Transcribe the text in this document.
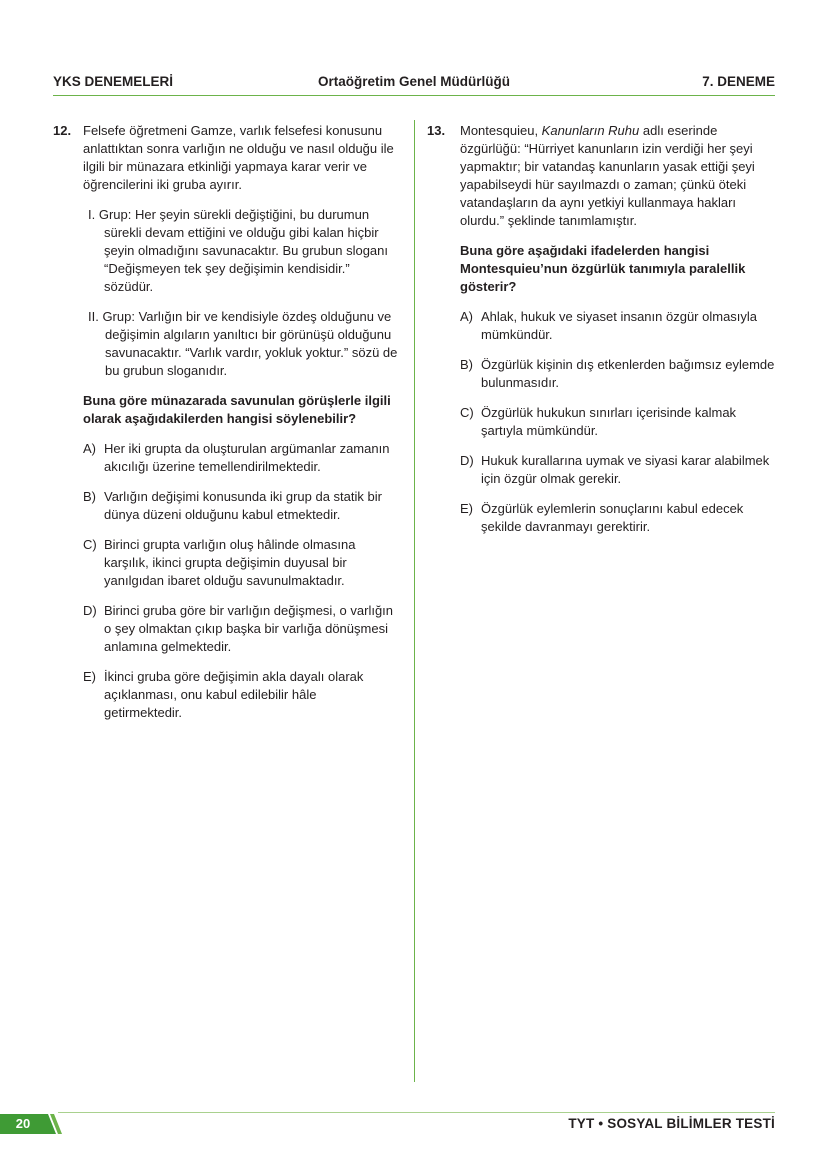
YKS DENEMELERİ	Ortaöğretim Genel Müdürlüğü	7. DENEME
12. Felsefe öğretmeni Gamze, varlık felsefesi konusunu anlattıktan sonra varlığın ne olduğu ve nasıl olduğu ile ilgili bir münazara etkinliği yapmaya karar verir ve öğrencilerini iki gruba ayırır.

I. Grup: Her şeyin sürekli değiştiğini, bu durumun sürekli devam ettiğini ve olduğu gibi kalan hiçbir şeyin olmadığını savunacaktır. Bu grubun sloganı “Değişmeyen tek şey değişimin kendisidir.” sözüdür.
II. Grup: Varlığın bir ve kendisiyle özdeş olduğunu ve değişimin algıların yanıltıcı bir görünüşü olduğunu savunacaktır. “Varlık vardır, yokluk yoktur.” sözü de bu grubun sloganıdır.

Buna göre münazarada savunulan görüşlerle ilgili olarak aşağıdakilerden hangisi söylenebilir?

A) Her iki grupta da oluşturulan argümanlar zamanın akıcılığı üzerine temellendirilmektedir.
B) Varlığın değişimi konusunda iki grup da statik bir dünya düzeni olduğunu kabul etmektedir.
C) Birinci grupta varlığın oluş hâlinde olmasına karşılık, ikinci grupta değişimin duyusal bir yanılgıdan ibaret olduğu savunulmaktadır.
D) Birinci gruba göre bir varlığın değişmesi, o varlığın o şey olmaktan çıkıp başka bir varlığa dönüşmesi anlamına gelmektedir.
E) İkinci gruba göre değişimin akla dayalı olarak açıklanması, onu kabul edilebilir hâle getirmektedir.
13. Montesquieu, Kanunların Ruhu adlı eserinde özgürlüğü: “Hürriyet kanunların izin verdiği her şeyi yapmaktır; bir vatandaş kanunların yasak ettiği şeyi yapabilseydi hür sayılmazdı o zaman; çünkü öteki vatandaşların da aynı yetkiyi kullanmaya hakları olurdu.” şeklinde tanımlamıştır.

Buna göre aşağıdaki ifadelerden hangisi Montesquieu’nun özgürlük tanımıyla paralellik gösterir?

A) Ahlak, hukuk ve siyaset insanın özgür olmasıyla mümkündür.
B) Özgürlük kişinin dış etkenlerden bağımsız eylemde bulunmasıdır.
C) Özgürlük hukukun sınırları içerisinde kalmak şartıyla mümkündür.
D) Hukuk kurallarına uymak ve siyasi karar alabilmek için özgür olmak gerekir.
E) Özgürlük eylemlerin sonuçlarını kabul edecek şekilde davranmayı gerektirir.
20	TYT • SOSYAL BİLİMLER TESTİ
